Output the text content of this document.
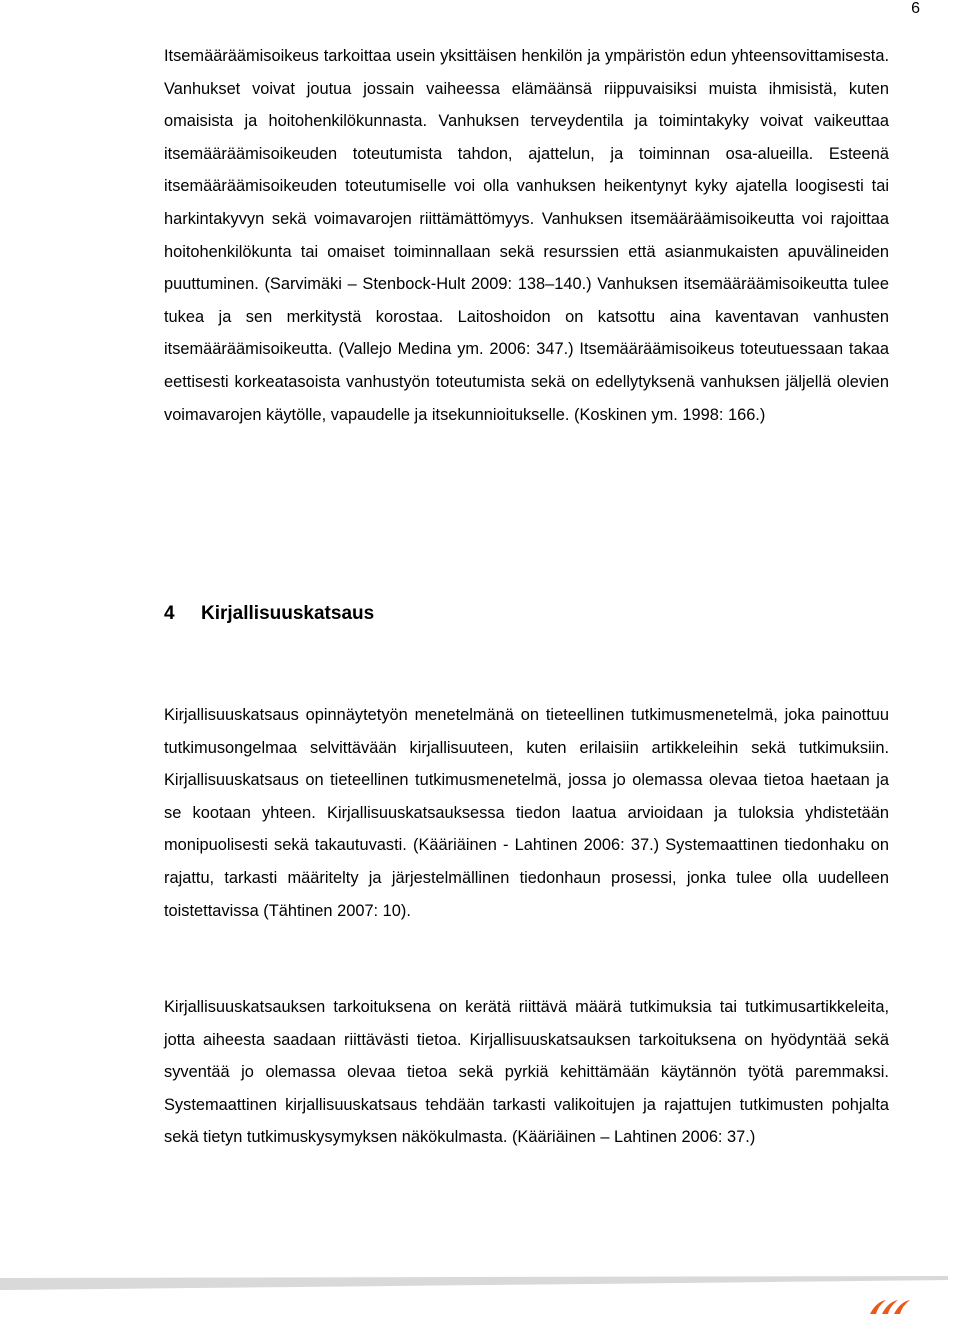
6

Itsemääräämisoikeus tarkoittaa usein yksittäisen henkilön ja ympäristön edun yhteensovittamisesta. Vanhukset voivat joutua jossain vaiheessa elämäänsä riippuvaisiksi muista ihmisistä, kuten omaisista ja hoitohenkilökunnasta. Vanhuksen terveydentila ja toimintakyky voivat vaikeuttaa itsemääräämisoikeuden toteutumista tahdon, ajattelun, ja toiminnan osa-alueilla. Esteenä itsemääräämisoikeuden toteutumiselle voi olla vanhuksen heikentynyt kyky ajatella loogisesti tai harkintakyvyn sekä voimavarojen riittämättömyys. Vanhuksen itsemääräämisoikeutta voi rajoittaa hoitohenkilökunta tai omaiset toiminnallaan sekä resurssien että asianmukaisten apuvälineiden puuttuminen. (Sarvimäki – Stenbock-Hult 2009: 138–140.) Vanhuksen itsemääräämisoikeutta tulee tukea ja sen merkitystä korostaa. Laitoshoidon on katsottu aina kaventavan vanhusten itsemääräämisoikeutta. (Vallejo Medina ym. 2006: 347.) Itsemääräämisoikeus toteutuessaan takaa eettisesti korkeatasoista vanhustyön toteutumista sekä on edellytyksenä vanhuksen jäljellä olevien voimavarojen käytölle, vapaudelle ja itsekunnioitukselle. (Koskinen ym. 1998: 166.)

4 Kirjallisuuskatsaus

Kirjallisuuskatsaus opinnäytetyön menetelmänä on tieteellinen tutkimusmenetelmä, joka painottuu tutkimusongelmaa selvittävään kirjallisuuteen, kuten erilaisiin artikkeleihin sekä tutkimuksiin. Kirjallisuuskatsaus on tieteellinen tutkimusmenetelmä, jossa jo olemassa olevaa tietoa haetaan ja se kootaan yhteen. Kirjallisuuskatsauksessa tiedon laatua arvioidaan ja tuloksia yhdistetään monipuolisesti sekä takautuvasti. (Kääriäinen - Lahtinen 2006: 37.) Systemaattinen tiedonhaku on rajattu, tarkasti määritelty ja järjestelmällinen tiedonhaun prosessi, jonka tulee olla uudelleen toistettavissa (Tähtinen 2007: 10).

Kirjallisuuskatsauksen tarkoituksena on kerätä riittävä määrä tutkimuksia tai tutkimusartikkeleita, jotta aiheesta saadaan riittävästi tietoa. Kirjallisuuskatsauksen tarkoituksena on hyödyntää sekä syventää jo olemassa olevaa tietoa sekä pyrkiä kehittämään käytännön työtä paremmaksi. Systemaattinen kirjallisuuskatsaus tehdään tarkasti valikoitujen ja rajattujen tutkimusten pohjalta sekä tietyn tutkimuskysymyksen näkökulmasta. (Kääriäinen – Lahtinen 2006: 37.)
